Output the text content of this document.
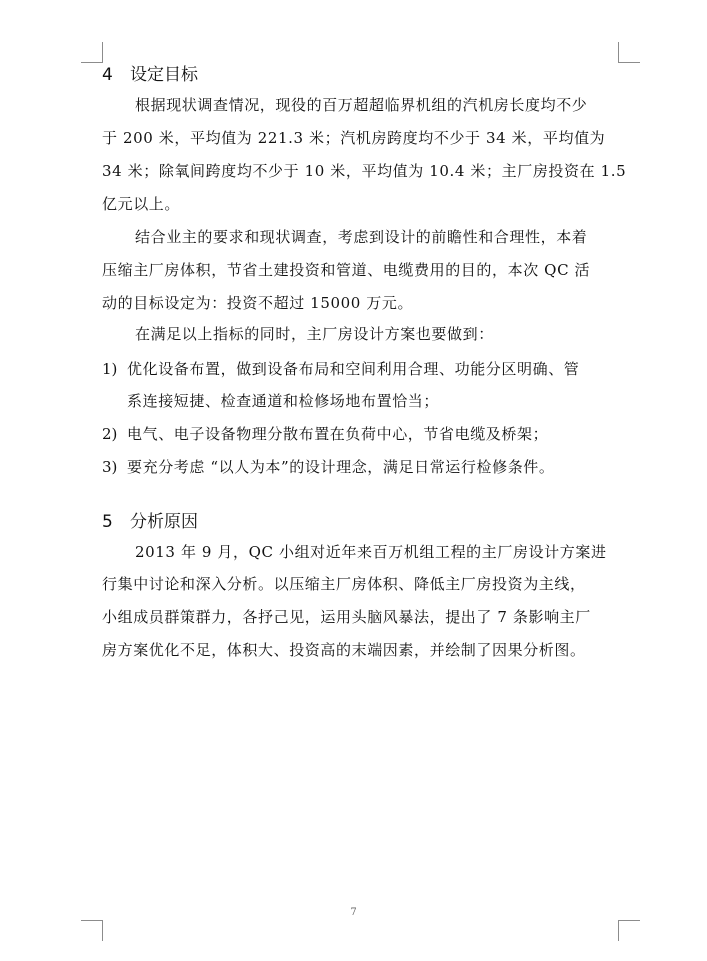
4 设定目标
根据现状调查情况，现役的百万超超临界机组的汽机房长度均不少
于 200 米，平均值为 221.3 米；汽机房跨度均不少于 34 米，平均值为
34 米；除氧间跨度均不少于 10 米，平均值为 10.4 米；主厂房投资在 1.5
亿元以上。
结合业主的要求和现状调查，考虑到设计的前瞻性和合理性，本着
压缩主厂房体积，节省土建投资和管道、电缆费用的目的，本次 QC 活
动的目标设定为：投资不超过 15000 万元。
在满足以上指标的同时，主厂房设计方案也要做到：
1) 优化设备布置，做到设备布局和空间利用合理、功能分区明确、管
系连接短捷、检查通道和检修场地布置恰当；
2) 电气、电子设备物理分散布置在负荷中心，节省电缆及桥架；
3) 要充分考虑 “以人为本”的设计理念，满足日常运行检修条件。
5 分析原因
2013 年 9 月，QC 小组对近年来百万机组工程的主厂房设计方案进
行集中讨论和深入分析。以压缩主厂房体积、降低主厂房投资为主线，
小组成员群策群力，各抒己见，运用头脑风暴法，提出了 7 条影响主厂
房方案优化不足，体积大、投资高的末端因素，并绘制了因果分析图。
7
